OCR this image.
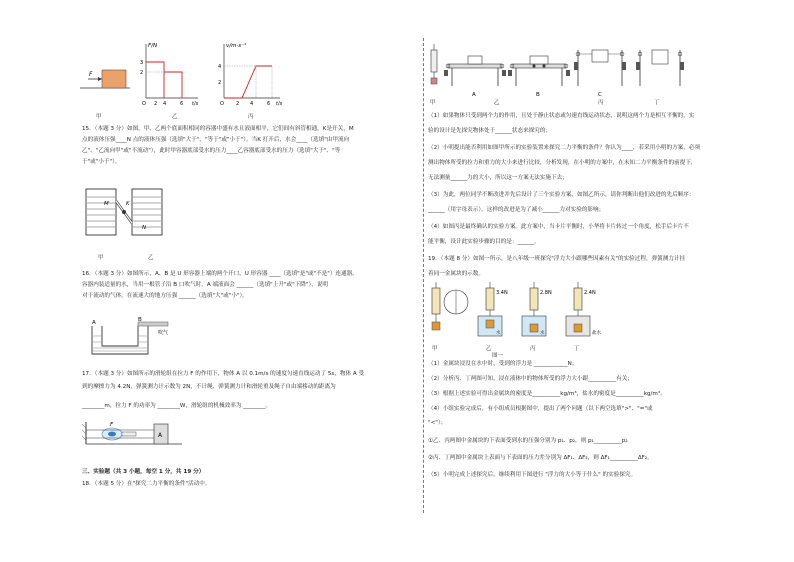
F
F/N
t/s
3
2
O 2 4	6
v/m·s⁻¹
t/s
4
2
O 2 4	6
甲	乙	丙
15．（本题 3 分）如图，甲、乙两个底面积相同的容器中盛有水且液面相平，它们间有斜管相通，K是开关，M
点的液体压强____N 点的液体压强（选填"大于"、"等于"或"小于"）。当K 打开后，水会____（选填"由甲流向
乙"、"乙流向甲"或"不流动"），此时甲容器底部受水的压力____乙容器底部受水的压力（选填"大于"、"等
于"或"小于"）。
K
M
N
甲	乙
16．（本题 3 分）如图所示，A、B 是 U 形容器上端的两个开口，U 形容器 ____（选填"是"或"不是"）连通器。
容器内装适量的水，当用一根管子沿 B 口吹气时，A 端液面会 ______（选填"上升"或"下降"），说明
对于流动的气体，在流速大的地方压强 ______（选填"大"或"小"）。
A	B
吹气
17．（本题 3 分）如图所示的滑轮组在拉力 F 的作用下，物体 A 以 0.1m/s 的速度匀速直线运动了 5s，物体 A 受
到的摩擦力为 4.2N，弹簧测力计示数为 2N，不计绳、弹簧测力计和滑轮重及绳子自由端移动的距离为
________m，拉力 F 的功率为 ________W，滑轮组的机械效率为 ________。
A
F
三、实验题（共 3 小题，每空 1 分，共 19 分）
18．（本题 5 分）在"探究二力平衡的条件"活动中。
A	B	C
甲	乙	丙	丁
（1）如果物体只受到两个力的作用，且处于静止状态或匀速直线运动状态，说明这两个力是相互平衡的，实
验的设计是先探究物体处于______状态来探究的；
（2）小明提出能否利用如图甲所示的实验装置来探究二力平衡的条件？你认为____，若采用小明的方案，必须
测出物体所受的拉力和重力的大小来进行比较，分析发现，在小明的方案中，在未知二力平衡条件的前提下，
无法测量______力的大小，所以这一方案无法实施下去；
（3）为此，两位同学不断改进并先后设计了三个实验方案，如图乙所示，请你判断出他们改进的先后顺序：
______（用字母表示），这样的改进是为了减小______力对实验的影响；
（4）如图丙是最终确认的实验方案。此方案中，当卡片平衡时，小华将卡片转过一个角度，松手后卡片不
能平衡，设计此实验步骤的目的是：______。
19．（本题 8 分）如图一所示，是八年级一班探究"浮力大小跟哪些因素有关"的实验过程，弹簧测力计挂
着同一金属块的示数。
3.4N
水
2.8N
水
2.4N
盐水
甲	乙	丙	丁
图一
（1）金属块浸没在水中时，受到的浮力是 ____________N；
（2）分析丙、丁两图可知，浸在液体中的物体所受的浮力大小跟__________有关；
（3）根据上述实验可得出金属块的密度是__________kg/m³，盐水的密度是__________kg/m³。
（4）小组实验完成后，有小组成员根据图中，提出了两个问题（以下两空选填">"、"="或
"<"）；
①乙、丙两图中金属块的下表面受到水的压强分别为 p₁、p₂，则 p₁__________p₂
②丙、丁两图中金属块上表面与下表面的压力差分别为 ΔF₁、ΔF₂，则 ΔF₁__________ΔF₂。
（5）小明完成上述探究后，继续利用下图进行 "浮力的大小等于什么" 的实验探究。
